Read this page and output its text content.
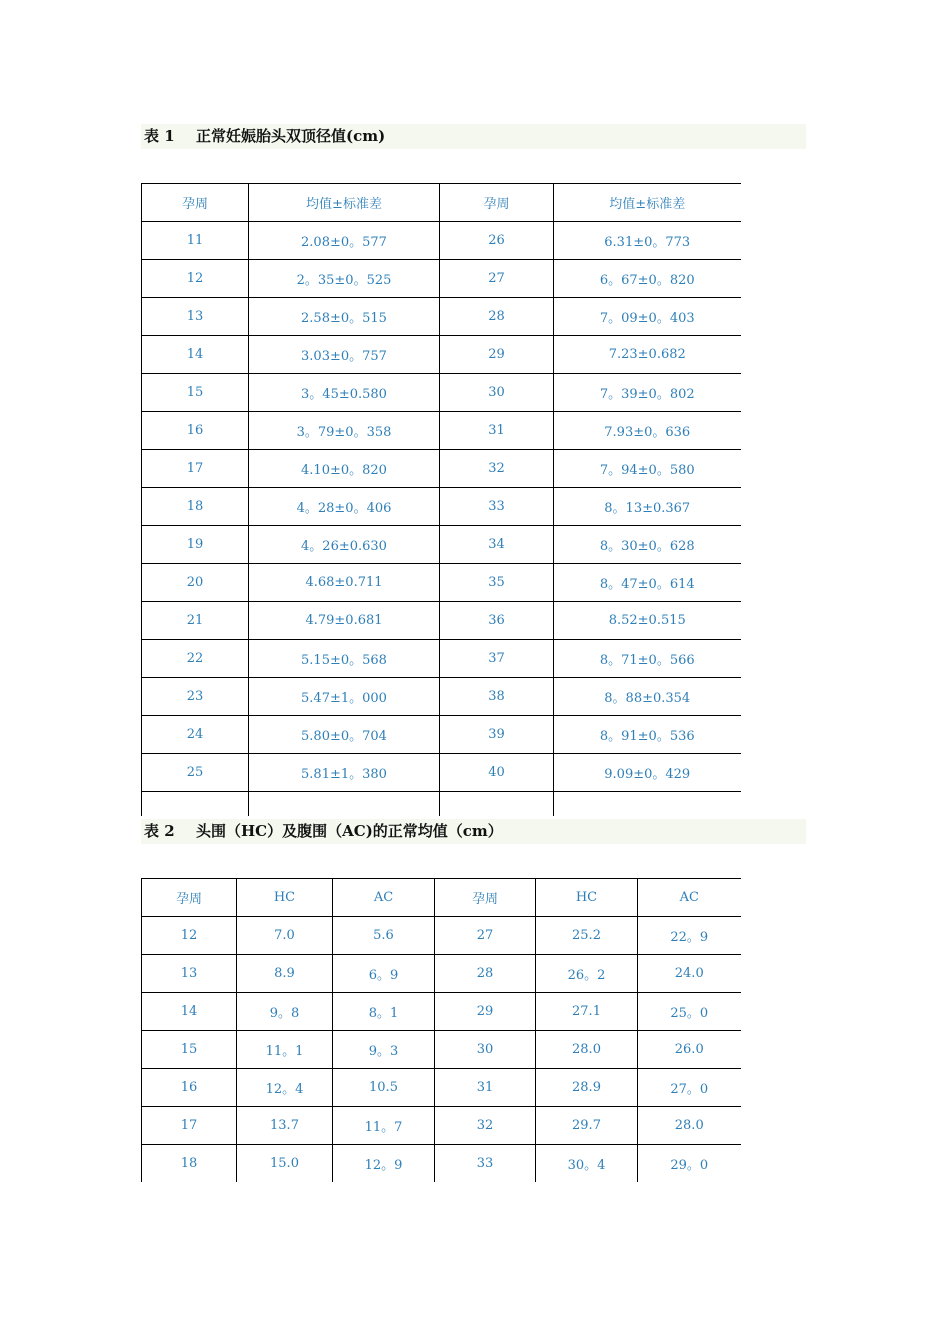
表 1 正常妊娠胎头双顶径值(cm)
孕周	均值±标准差	孕周	均值±标准差
11	2.08±0。577	26	6.31±0。773
12	2。35±0。525	27	6。67±0。820
13	2.58±0。515	28	7。09±0。403
14	3.03±0。757	29	7.23±0.682
15	3。45±0.580	30	7。39±0。802
16	3。79±0。358	31	7.93±0。636
17	4.10±0。820	32	7。94±0。580
18	4。28±0。406	33	8。13±0.367
19	4。26±0.630	34	8。30±0。628
20	4.68±0.711	35	8。47±0。614
21	4.79±0.681	36	8.52±0.515
22	5.15±0。568	37	8。71±0。566
23	5.47±1。000	38	8。88±0.354
24	5.80±0。704	39	8。91±0。536
25	5.81±1。380	40	9.09±0。429

表 2 头围（HC）及腹围（AC)的正常均值（cm）
孕周	HC	AC	孕周	HC	AC
12	7.0	5.6	27	25.2	22。9
13	8.9	6。9	28	26。2	24.0
14	9。8	8。1	29	27.1	25。0
15	11。1	9。3	30	28.0	26.0
16	12。4	10.5	31	28.9	27。0
17	13.7	11。7	32	29.7	28.0
18	15.0	12。9	33	30。4	29。0
